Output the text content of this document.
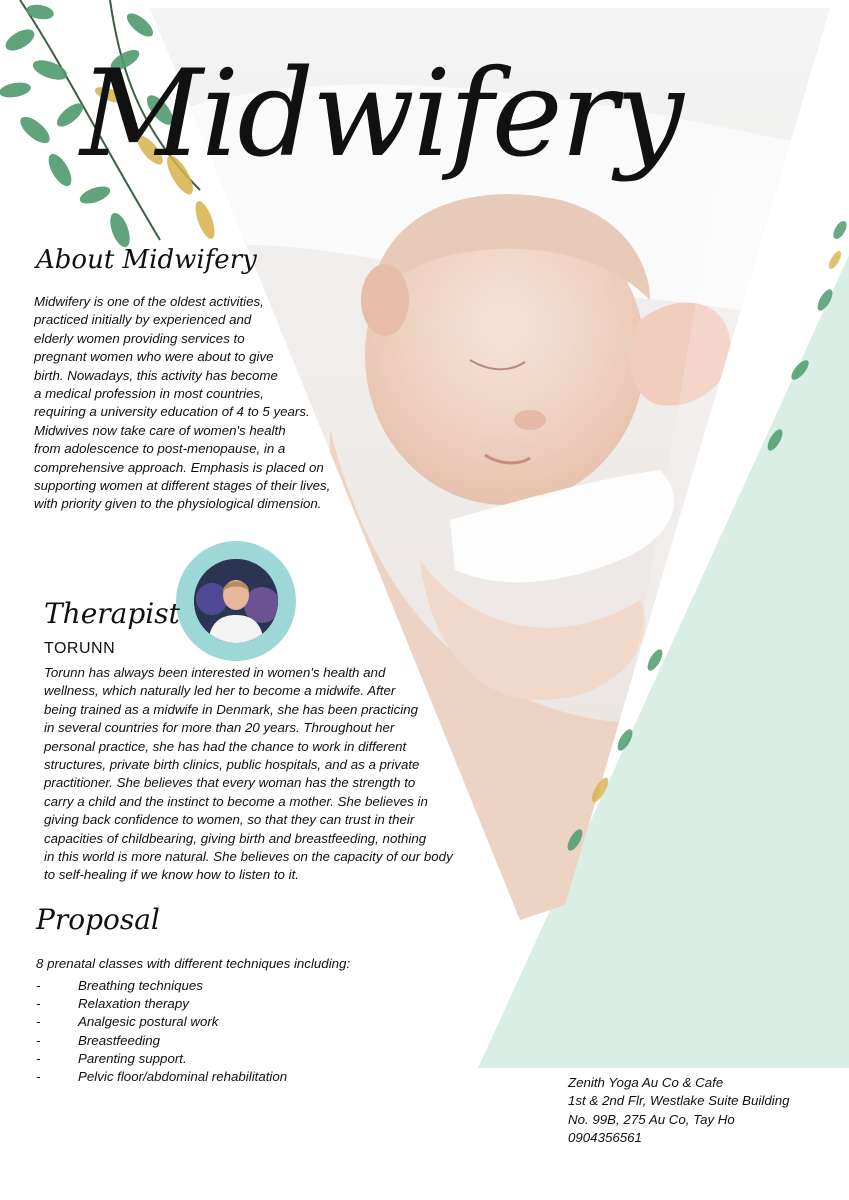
Midwifery
About Midwifery
Midwifery is one of the oldest activities,
practiced initially by experienced and
elderly women providing services to
pregnant women who were about to give
birth. Nowadays, this activity has become
a medical profession in most countries,
requiring a university education of 4 to 5 years.
Midwives now take care of women's health
from adolescence to post-menopause, in a
comprehensive approach. Emphasis is placed on
supporting women at different stages of their lives,
with priority given to the physiological dimension.
Therapist
TORUNN
Torunn has always been interested in women's health and
wellness, which naturally led her to become a midwife. After
being trained as a midwife in Denmark, she has been practicing
in several countries for more than 20 years. Throughout her
personal practice, she has had the chance to work in different
structures, private birth clinics, public hospitals, and as a private
practitioner. She believes that every woman has the strength to
carry a child and the instinct to become a mother. She believes in
giving back confidence to women, so that they can trust in their
capacities of childbearing, giving birth and breastfeeding, nothing
in this world is more natural. She believes on the capacity of our body
to self-healing if we know how to listen to it.
Proposal
8 prenatal classes with different techniques including:
-	Breathing techniques
-	Relaxation therapy
-	Analgesic postural work
-	Breastfeeding
-	Parenting support.
-	Pelvic floor/abdominal rehabilitation	Zenith Yoga Au Co & Cafe
1st & 2nd Flr, Westlake Suite Building
No. 99B, 275 Au Co, Tay Ho
0904356561
